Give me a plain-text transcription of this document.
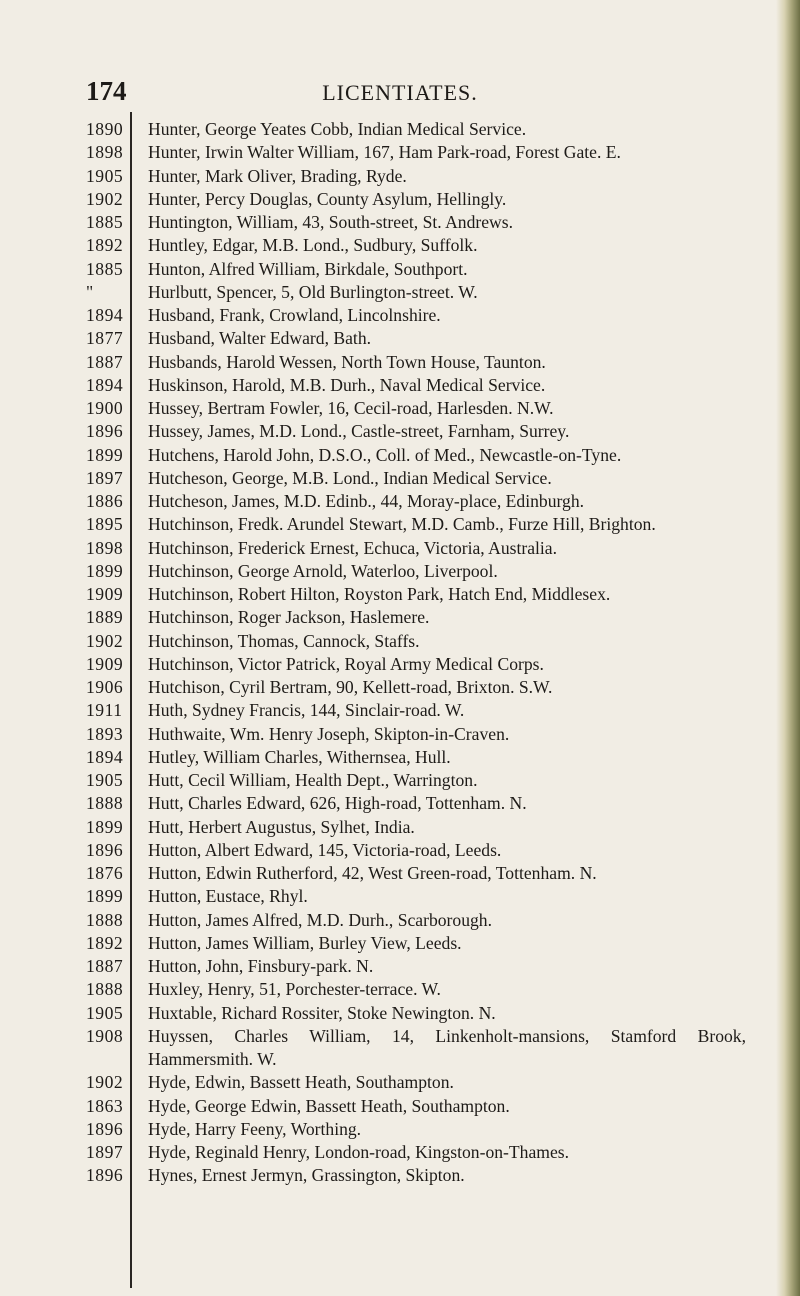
174	LICENTIATES.
1890	Hunter, George Yeates Cobb, Indian Medical Service.
1898	Hunter, Irwin Walter William, 167, Ham Park-road, Forest Gate. E.
1905	Hunter, Mark Oliver, Brading, Ryde.
1902	Hunter, Percy Douglas, County Asylum, Hellingly.
1885	Huntington, William, 43, South-street, St. Andrews.
1892	Huntley, Edgar, M.B. Lond., Sudbury, Suffolk.
1885	Hunton, Alfred William, Birkdale, Southport.
"	Hurlbutt, Spencer, 5, Old Burlington-street. W.
1894	Husband, Frank, Crowland, Lincolnshire.
1877	Husband, Walter Edward, Bath.
1887	Husbands, Harold Wessen, North Town House, Taunton.
1894	Huskinson, Harold, M.B. Durh., Naval Medical Service.
1900	Hussey, Bertram Fowler, 16, Cecil-road, Harlesden. N.W.
1896	Hussey, James, M.D. Lond., Castle-street, Farnham, Surrey.
1899	Hutchens, Harold John, D.S.O., Coll. of Med., Newcastle-on-Tyne.
1897	Hutcheson, George, M.B. Lond., Indian Medical Service.
1886	Hutcheson, James, M.D. Edinb., 44, Moray-place, Edinburgh.
1895	Hutchinson, Fredk. Arundel Stewart, M.D. Camb., Furze Hill, Brighton.
1898	Hutchinson, Frederick Ernest, Echuca, Victoria, Australia.
1899	Hutchinson, George Arnold, Waterloo, Liverpool.
1909	Hutchinson, Robert Hilton, Royston Park, Hatch End, Middlesex.
1889	Hutchinson, Roger Jackson, Haslemere.
1902	Hutchinson, Thomas, Cannock, Staffs.
1909	Hutchinson, Victor Patrick, Royal Army Medical Corps.
1906	Hutchison, Cyril Bertram, 90, Kellett-road, Brixton. S.W.
1911	Huth, Sydney Francis, 144, Sinclair-road. W.
1893	Huthwaite, Wm. Henry Joseph, Skipton-in-Craven.
1894	Hutley, William Charles, Withernsea, Hull.
1905	Hutt, Cecil William, Health Dept., Warrington.
1888	Hutt, Charles Edward, 626, High-road, Tottenham. N.
1899	Hutt, Herbert Augustus, Sylhet, India.
1896	Hutton, Albert Edward, 145, Victoria-road, Leeds.
1876	Hutton, Edwin Rutherford, 42, West Green-road, Tottenham. N.
1899	Hutton, Eustace, Rhyl.
1888	Hutton, James Alfred, M.D. Durh., Scarborough.
1892	Hutton, James William, Burley View, Leeds.
1887	Hutton, John, Finsbury-park. N.
1888	Huxley, Henry, 51, Porchester-terrace. W.
1905	Huxtable, Richard Rossiter, Stoke Newington. N.
1908	Huyssen, Charles William, 14, Linkenholt-mansions, Stamford Brook, Hammersmith. W.
1902	Hyde, Edwin, Bassett Heath, Southampton.
1863	Hyde, George Edwin, Bassett Heath, Southampton.
1896	Hyde, Harry Feeny, Worthing.
1897	Hyde, Reginald Henry, London-road, Kingston-on-Thames.
1896	Hynes, Ernest Jermyn, Grassington, Skipton.
